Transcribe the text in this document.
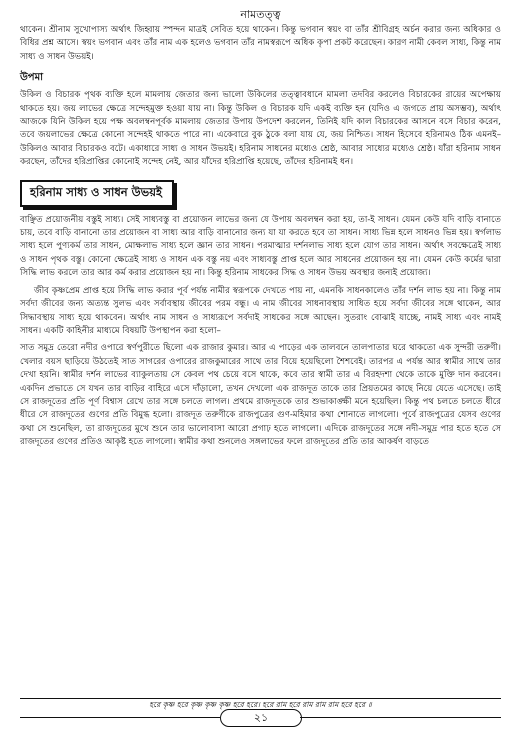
নামতত্ত্ব

থাকেন। শ্রীনাম সুখোপাস্য অর্থাৎ জিহ্বায় স্পন্দন মাত্রই সেবিত হয়ে থাকেন। কিন্তু ভগবান স্বয়ং বা তাঁর শ্রীবিগ্রহ অর্চন করার জন্য অধিকার ও বিধির প্রশ্ন আসে। স্বয়ং ভগবান এবং তাঁর নাম এক হলেও ভগবান তাঁর নামস্বরূপে অধিক কৃপা প্রকট করেছেন। কারণ নামী কেবল সাধ্য, কিন্তু নাম সাধ্য ও সাধন উভয়ই।

উপমা

উকিল ও বিচারক পৃথক ব্যক্তি হলে মামলায় জেতার জন্য ভালো উকিলের তত্ত্বাবধানে মামলা তদবির করলেও বিচারকের রায়ের অপেক্ষায় থাকতে হয়। জয় লাভের ক্ষেত্রে সন্দেহমুক্ত হওয়া যায় না। কিন্তু উকিল ও বিচারক যদি একই ব্যক্তি হন (যদিও এ জগতে প্রায় অসম্ভব), অর্থাৎ আজকে যিনি উকিল হয়ে পক্ষ অবলম্বনপূর্বক মামলায় জেতার উপায় উপদেশ করলেন, তিনিই যদি কাল বিচারকের আসনে বসে বিচার করেন, তবে জয়লাভের ক্ষেত্রে কোনো সন্দেহই থাকতে পারে না। একেবারে বুক ঠুকে বলা যায় যে, জয় নিশ্চিত। সাধন হিসেবে হরিনামও ঠিক এমনই– উকিলও আবার বিচারকও বটে। একাধারে সাধ্য ও সাধন উভয়ই। হরিনাম সাধনের মধ্যেও শ্রেষ্ঠ, আবার সাধ্যের মধ্যেও শ্রেষ্ঠ। যাঁরা হরিনাম সাধন করছেন, তাঁদের হরিপ্রাপ্তির কোনোই সন্দেহ নেই, আর যাঁদের হরিপ্রাপ্তি হয়েছে, তাঁদের হরিনামই ধন।

হরিনাম সাধ্য ও সাধন উভয়ই

বাঞ্ছিত প্রয়োজনীয় বস্তুই সাধ্য। সেই সাধ্যবস্তু বা প্রয়োজন লাভের জন্য যে উপায় অবলম্বন করা হয়, তা-ই সাধন। যেমন কেউ যদি বাড়ি বানাতে চায়, তবে বাড়ি বানানো তার প্রয়োজন বা সাধ্য আর বাড়ি বানানোর জন্য যা যা করতে হবে তা সাধন। সাধ্য ভিন্ন হলে সাধনও ভিন্ন হয়। স্বর্গলাভ সাধ্য হলে পুণ্যকর্ম তার সাধন, মোক্ষলাভ সাধ্য হলে জ্ঞান তার সাধন। পরমাত্মার দর্শনলাভ সাধ্য হলে যোগ তার সাধন। অর্থাৎ সবক্ষেত্রেই সাধ্য ও সাধন পৃথক বস্তু। কোনো ক্ষেত্রেই সাধ্য ও সাধন এক বস্তু নয় এবং সাধ্যবস্তু প্রাপ্ত হলে আর সাধনের প্রয়োজন হয় না। যেমন কেউ কর্মের দ্বারা সিদ্ধি লাভ করলে তার আর কর্ম করার প্রয়োজন হয় না। কিন্তু হরিনাম সাধকের সিদ্ধ ও সাধন উভয় অবস্থার জন্যই প্রয়োজ্য।

জীব কৃষ্ণপ্রেম প্রাপ্ত হয়ে সিদ্ধি লাভ করার পূর্ব পর্যন্ত নামীর স্বরূপকে দেখতে পায় না, এমনকি সাধনকালেও তাঁর দর্শন লাভ হয় না। কিন্তু নাম সর্বদা জীবের জন্য অত্যন্ত সুলভ এবং সর্বাবস্থায় জীবের পরম বন্ধু। এ নাম জীবের সাধনাবস্থায় সাধিত হয়ে সর্বদা জীবের সঙ্গে থাকেন, আর সিদ্ধাবস্থায় সাধ্য হয়ে থাকবেন। অর্থাৎ নাম সাধন ও সাধ্যরূপে সর্বদাই সাধকের সঙ্গে আছেন। সুতরাং বোঝাই যাচ্ছে, নামই সাধ্য এবং নামই সাধন। একটি কাহিনীর মাধ্যমে বিষয়টি উপস্থাপন করা হলো–

সাত সমুদ্র তেরো নদীর ওপারে স্বর্ণপুরীতে ছিলো এক রাজার কুমার। আর এ পাড়ের এক তালবনে তালপাতার ঘরে থাকতো এক সুন্দরী তরুণী। খেলার বয়স ছাড়িয়ে উঠতেই সাত সাগরের ওপারের রাজকুমারের সাথে তার বিয়ে হয়েছিলো শৈশবেই। তারপর এ পর্যন্ত আর স্বামীর সাথে তার দেখা হয়নি। স্বামীর দর্শন লাভের ব্যাকুলতায় সে কেবল পথ চেয়ে বসে থাকে, কবে তার স্বামী তার এ বিরহদশা থেকে তাকে মুক্তি দান করবেন। একদিন প্রভাতে সে যখন তার বাড়ির বাহিরে এসে দাঁড়ালো, তখন দেখলো এক রাজদূত তাকে তার প্রিয়তমের কাছে নিয়ে যেতে এসেছে। তাই সে রাজদূতের প্রতি পূর্ণ বিশ্বাস রেখে তার সঙ্গে চলতে লাগল। প্রথমে রাজদূতকে তার শুভাকাঙ্ক্ষী মনে হয়েছিল। কিন্তু পথ চলতে চলতে ধীরে ধীরে সে রাজদূতের গুণের প্রতি বিমুগ্ধ হলো। রাজদূত তরুণীকে রাজপুত্রের গুণ-মহিমার কথা শোনাতে লাগলো। পূর্বে রাজপুত্রের যেসব গুণের কথা সে শুনেছিল, তা রাজদূতের মুখে শুনে তার ভালোবাসা আরো প্রগাঢ় হতে লাগলো। এদিকে রাজদূতের সঙ্গে নদী-সমুদ্র পার হতে হতে সে রাজদূতের গুণের প্রতিও আকৃষ্ট হতে লাগলো। স্বামীর কথা শুনলেও সঙ্গলাভের ফলে রাজদূতের প্রতি তার আকর্ষণ বাড়তে

হরে কৃষ্ণ হরে কৃষ্ণ কৃষ্ণ কৃষ্ণ হরে হরে। হরে রাম হরে রাম রাম রাম হরে হরে ॥
২১
